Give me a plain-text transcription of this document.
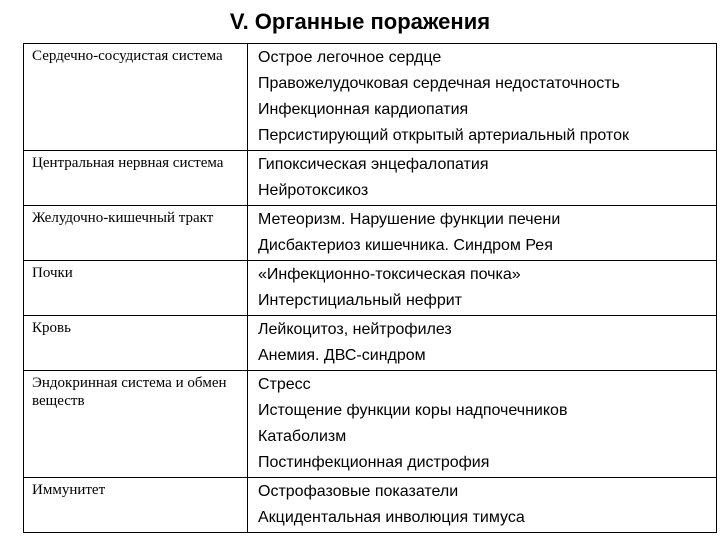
V. Органные поражения
Сердечно-сосудистая система	Острое легочное сердце
Правожелудочковая сердечная недостаточность
Инфекционная кардиопатия
Персистирующий открытый артериальный проток

Центральная нервная система	Гипоксическая энцефалопатия
Нейротоксикоз

Желудочно-кишечный тракт	Метеоризм. Нарушение функции печени
Дисбактериоз кишечника. Синдром Рея

Почки	«Инфекционно-токсическая почка»
Интерстициальный нефрит

Кровь	Лейкоцитоз, нейтрофилез
Анемия. ДВС-синдром

Эндокринная система и обмен веществ	Стресс
Истощение функции коры надпочечников
Катаболизм
Постинфекционная дистрофия

Иммунитет	Острофазовые показатели
Акцидентальная инволюция тимуса
